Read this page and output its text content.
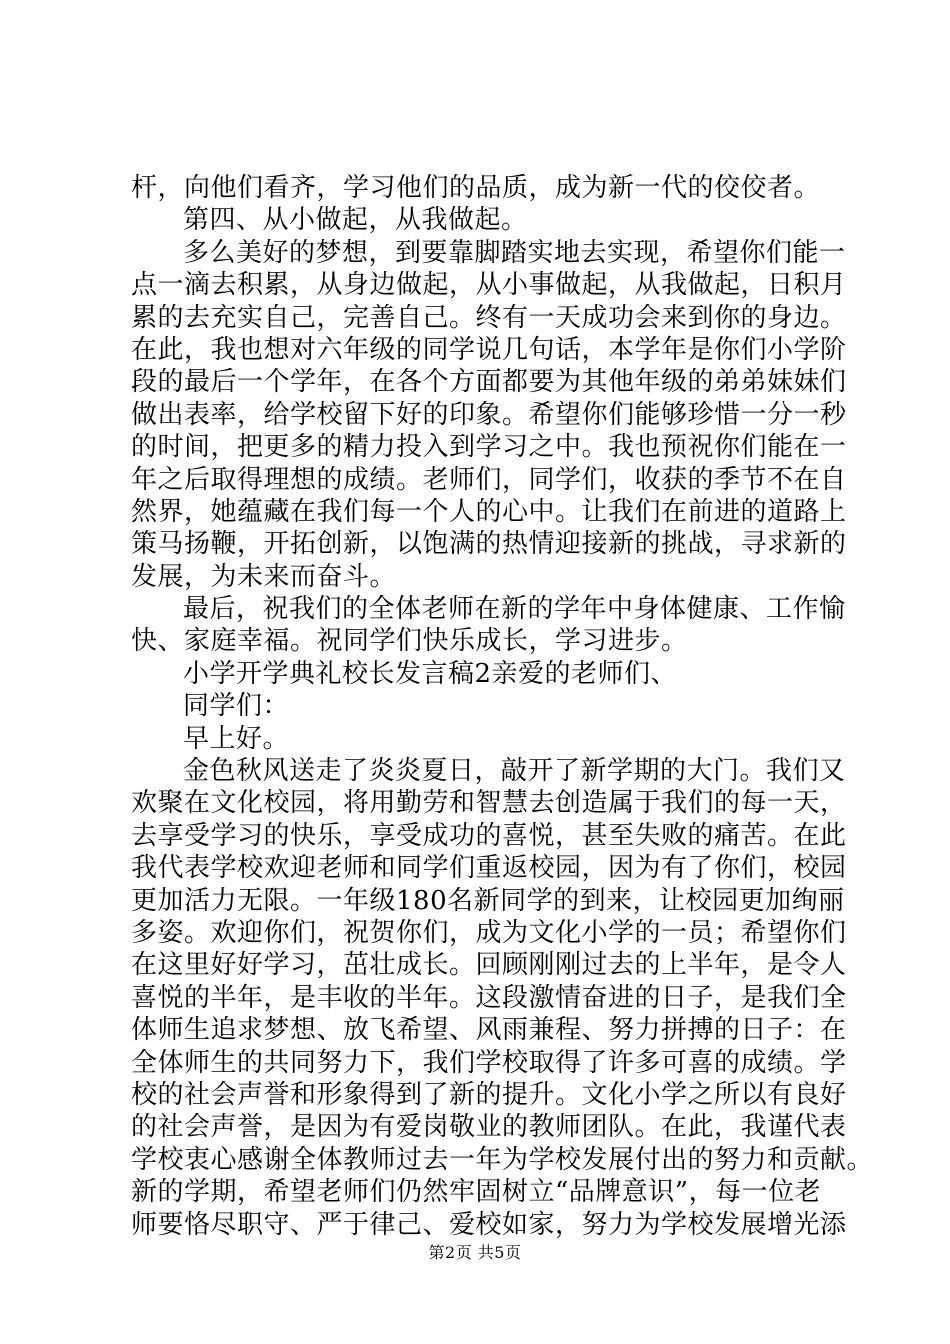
杆，向他们看齐，学习他们的品质，成为新一代的佼佼者。
第四、从小做起，从我做起。
多么美好的梦想，到要靠脚踏实地去实现，希望你们能一
点一滴去积累，从身边做起，从小事做起，从我做起，日积月
累的去充实自己，完善自己。终有一天成功会来到你的身边。
在此，我也想对六年级的同学说几句话，本学年是你们小学阶
段的最后一个学年，在各个方面都要为其他年级的弟弟妹妹们
做出表率，给学校留下好的印象。希望你们能够珍惜一分一秒
的时间，把更多的精力投入到学习之中。我也预祝你们能在一
年之后取得理想的成绩。老师们，同学们，收获的季节不在自
然界，她蕴藏在我们每一个人的心中。让我们在前进的道路上
策马扬鞭，开拓创新，以饱满的热情迎接新的挑战，寻求新的
发展，为未来而奋斗。
最后，祝我们的全体老师在新的学年中身体健康、工作愉
快、家庭幸福。祝同学们快乐成长，学习进步。
小学开学典礼校长发言稿2亲爱的老师们、
同学们：
早上好。
金色秋风送走了炎炎夏日，敲开了新学期的大门。我们又
欢聚在文化校园，将用勤劳和智慧去创造属于我们的每一天，
去享受学习的快乐，享受成功的喜悦，甚至失败的痛苦。在此
我代表学校欢迎老师和同学们重返校园，因为有了你们，校园
更加活力无限。一年级180名新同学的到来，让校园更加绚丽
多姿。欢迎你们，祝贺你们，成为文化小学的一员；希望你们
在这里好好学习，茁壮成长。回顾刚刚过去的上半年，是令人
喜悦的半年，是丰收的半年。这段激情奋进的日子，是我们全
体师生追求梦想、放飞希望、风雨兼程、努力拼搏的日子：在
全体师生的共同努力下，我们学校取得了许多可喜的成绩。学
校的社会声誉和形象得到了新的提升。文化小学之所以有良好
的社会声誉，是因为有爱岗敬业的教师团队。在此，我谨代表
学校衷心感谢全体教师过去一年为学校发展付出的努力和贡献。
新的学期，希望老师们仍然牢固树立“品牌意识”，每一位老
师要恪尽职守、严于律己、爱校如家，努力为学校发展增光添
第2页 共5页
